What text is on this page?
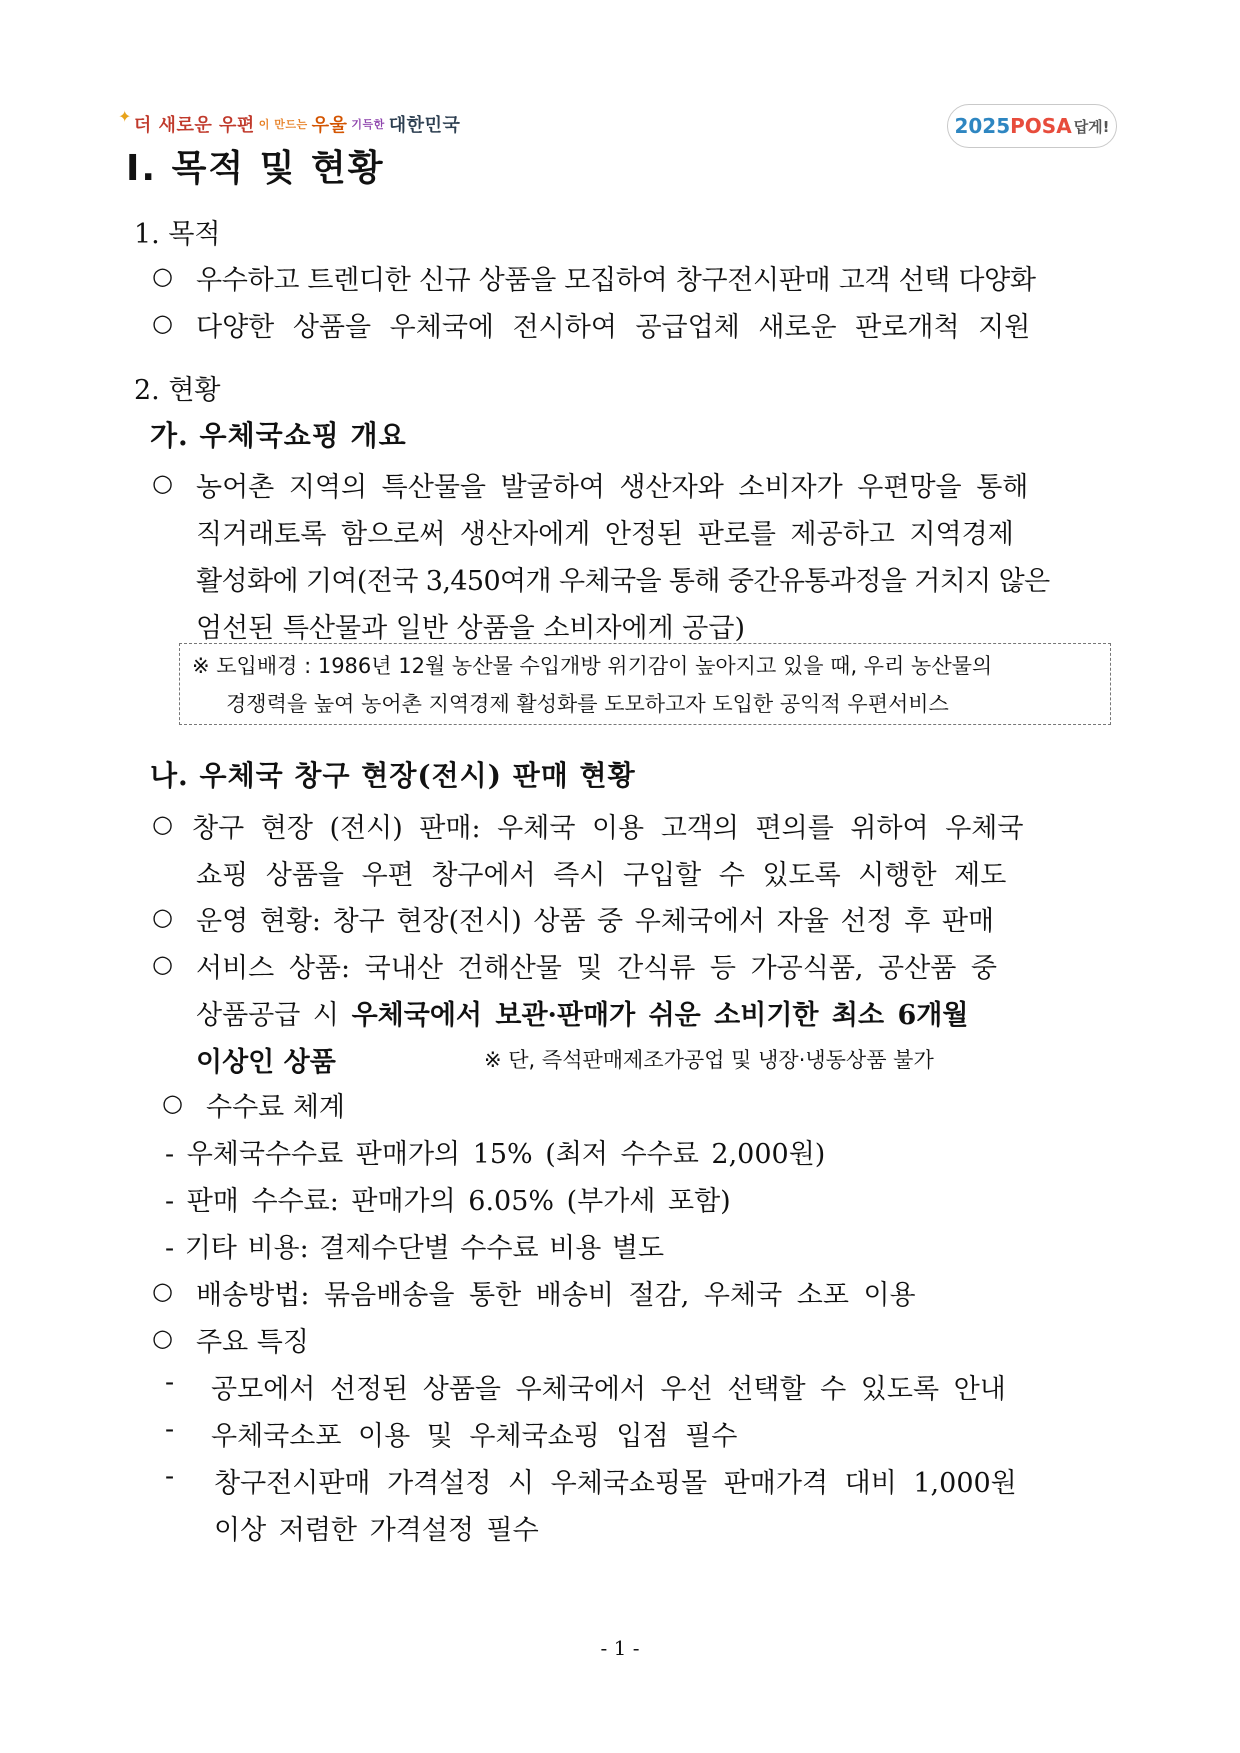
✦ 더 새로운 우편 이 만드는 우울 기득한 대한민국	2025 POSA 답게!
Ⅰ. 목적 및 현황
1. 목적
○ 우수하고 트렌디한 신규 상품을 모집하여 창구전시판매 고객 선택 다양화
○ 다양한 상품을 우체국에 전시하여 공급업체 새로운 판로개척 지원
2. 현황
가. 우체국쇼핑 개요
○ 농어촌 지역의 특산물을 발굴하여 생산자와 소비자가 우편망을 통해
직거래토록 함으로써 생산자에게 안정된 판로를 제공하고 지역경제
활성화에 기여(전국 3,450여개 우체국을 통해 중간유통과정을 거치지 않은
엄선된 특산물과 일반 상품을 소비자에게 공급)
※ 도입배경 : 1986년 12월 농산물 수입개방 위기감이 높아지고 있을 때, 우리 농산물의
경쟁력을 높여 농어촌 지역경제 활성화를 도모하고자 도입한 공익적 우편서비스
나. 우체국 창구 현장(전시) 판매 현황
○ 창구 현장 (전시) 판매: 우체국 이용 고객의 편의를 위하여 우체국
쇼핑 상품을 우편 창구에서 즉시 구입할 수 있도록 시행한 제도
○ 운영 현황: 창구 현장(전시) 상품 중 우체국에서 자율 선정 후 판매
○ 서비스 상품: 국내산 건해산물 및 간식류 등 가공식품, 공산품 중
상품공급 시 우체국에서 보관·판매가 쉬운 소비기한 최소 6개월
이상인 상품	※ 단, 즉석판매제조가공업 및 냉장·냉동상품 불가
○ 수수료 체계
- 우체국수수료 판매가의 15% (최저 수수료 2,000원)
- 판매 수수료: 판매가의 6.05% (부가세 포함)
- 기타 비용: 결제수단별 수수료 비용 별도
○ 배송방법: 묶음배송을 통한 배송비 절감, 우체국 소포 이용
○ 주요 특징
- 공모에서 선정된 상품을 우체국에서 우선 선택할 수 있도록 안내
- 우체국소포 이용 및 우체국쇼핑 입점 필수
- 창구전시판매 가격설정 시 우체국쇼핑몰 판매가격 대비 1,000원
이상 저렴한 가격설정 필수
- 1 -
